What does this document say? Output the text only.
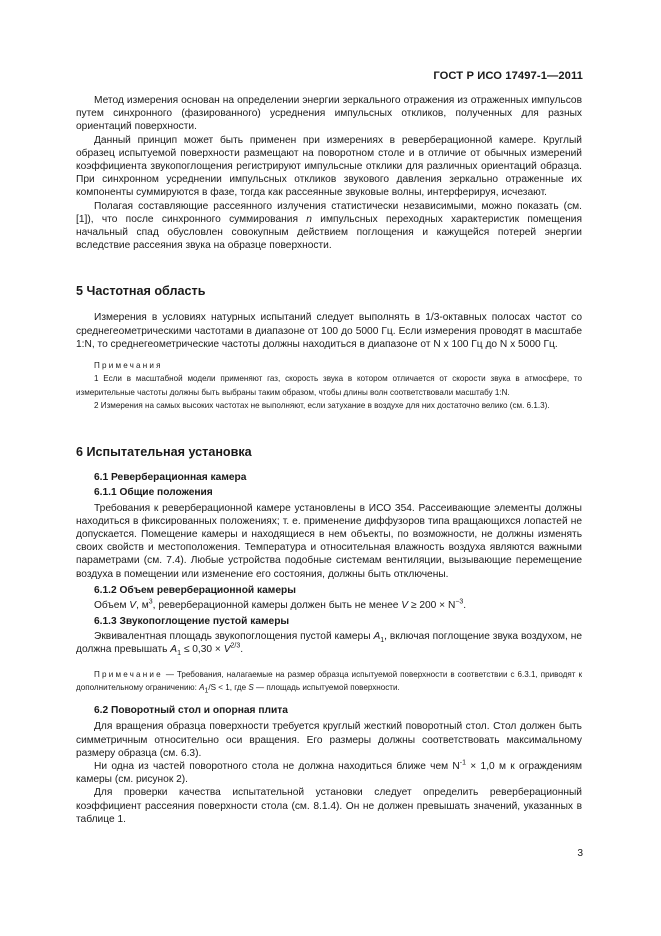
ГОСТ Р ИСО 17497-1—2011

Метод измерения основан на определении энергии зеркального отражения из отраженных импульсов путем синхронного (фазированного) усреднения импульсных откликов, полученных для разных ориентаций поверхности.

Данный принцип может быть применен при измерениях в реверберационной камере. Круглый образец испытуемой поверхности размещают на поворотном столе и в отличие от обычных измерений коэффициента звукопоглощения регистрируют импульсные отклики для различных ориентаций образца. При синхронном усреднении импульсных откликов звукового давления зеркально отраженные их компоненты суммируются в фазе, тогда как рассеянные звуковые волны, интерферируя, исчезают.

Полагая составляющие рассеянного излучения статистически независимыми, можно показать (см. [1]), что после синхронного суммирования n импульсных переходных характеристик помещения начальный спад обусловлен совокупным действием поглощения и кажущейся потерей энергии вследствие рассеяния звука на образце поверхности.

5 Частотная область

Измерения в условиях натурных испытаний следует выполнять в 1/3-октавных полосах частот со среднегеометрическими частотами в диапазоне от 100 до 5000 Гц. Если измерения проводят в масштабе 1:N, то среднегеометрические частоты должны находиться в диапазоне от N x 100 Гц до N x 5000 Гц.

Примечания
1 Если в масштабной модели применяют газ, скорость звука в котором отличается от скорости звука в атмосфере, то измерительные частоты должны быть выбраны таким образом, чтобы длины волн соответствовали масштабу 1:N.
2 Измерения на самых высоких частотах не выполняют, если затухание в воздухе для них достаточно велико (см. 6.1.3).
6 Испытательная установка
6.1 Реверберационная камера
6.1.1 Общие положения

Требования к реверберационной камере установлены в ИСО 354. Рассеивающие элементы должны находиться в фиксированных положениях; т. е. применение диффузоров типа вращающихся лопастей не допускается. Помещение камеры и находящиеся в нем объекты, по возможности, не должны изменять своих свойств и местоположения. Температура и относительная влажность воздуха являются важными параметрами (см. 7.4). Любые устройства подобные системам вентиляции, вызывающие перемещение воздуха в помещении или изменение его состояния, должны быть отключены.

6.1.2 Объем реверберационной камеры

Объем V, $м^3$, реверберационной камеры должен быть не менее $V \ge 200 \times N^{-3}$.

6.1.3 Звукопоглощение пустой камеры

Эквивалентная площадь звукопоглощения пустой камеры $A_1$, включая поглощение звука воздухом, не должна превышать $A_1 \le 0,30 \times V^{2/3}$.

Примечание — Требования, налагаемые на размер образца испытуемой поверхности в соответствии с 6.3.1, приводят к дополнительному ограничению: $A_1/S < 1$, где S — площадь испытуемой поверхности.
6.2 Поворотный стол и опорная плита

Для вращения образца поверхности требуется круглый жесткий поворотный стол. Стол должен быть симметричным относительно оси вращения. Его размеры должны соответствовать максимальному размеру образца (см. 6.3).

Ни одна из частей поворотного стола не должна находиться ближе чем $N^{-1} \times 1,0$ м к ограждениям камеры (см. рисунок 2).

Для проверки качества испытательной установки следует определить реверберационный коэффициент рассеяния поверхности стола (см. 8.1.4). Он не должен превышать значений, указанных в таблице 1.

3
